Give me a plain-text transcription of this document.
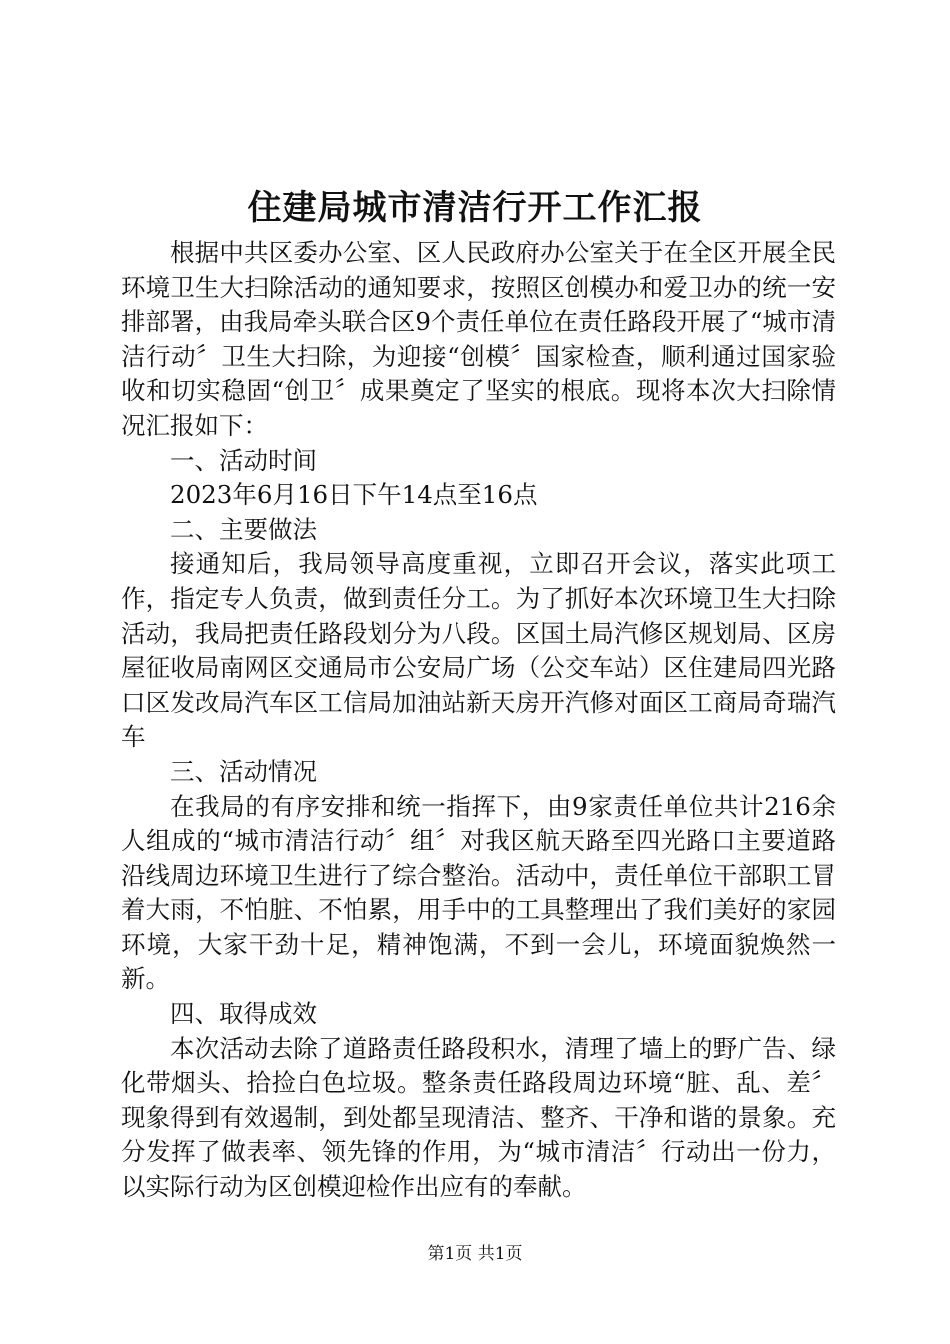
住建局城市清洁行开工作汇报

根据中共区委办公室、区人民政府办公室关于在全区开展全民环境卫生大扫除活动的通知要求，按照区创模办和爱卫办的统一安排部署，由我局牵头联合区9个责任单位在责任路段开展了“城市清洁行动〞卫生大扫除，为迎接“创模〞国家检查，顺利通过国家验收和切实稳固“创卫〞成果奠定了坚实的根底。现将本次大扫除情况汇报如下：

一、活动时间

2023年6月16日下午14点至16点

二、主要做法

接通知后，我局领导高度重视，立即召开会议，落实此项工作，指定专人负责，做到责任分工。为了抓好本次环境卫生大扫除活动，我局把责任路段划分为八段。区国土局汽修区规划局、区房屋征收局南网区交通局市公安局广场（公交车站）区住建局四光路口区发改局汽车区工信局加油站新天房开汽修对面区工商局奇瑞汽车

三、活动情况

在我局的有序安排和统一指挥下，由9家责任单位共计216余人组成的“城市清洁行动〞组〞对我区航天路至四光路口主要道路沿线周边环境卫生进行了综合整治。活动中，责任单位干部职工冒着大雨，不怕脏、不怕累，用手中的工具整理出了我们美好的家园环境，大家干劲十足，精神饱满，不到一会儿，环境面貌焕然一新。

四、取得成效

本次活动去除了道路责任路段积水，清理了墙上的野广告、绿化带烟头、拾捡白色垃圾。整条责任路段周边环境“脏、乱、差〞现象得到有效遏制，到处都呈现清洁、整齐、干净和谐的景象。充分发挥了做表率、领先锋的作用，为“城市清洁〞行动出一份力，以实际行动为区创模迎检作出应有的奉献。

第1页 共1页
